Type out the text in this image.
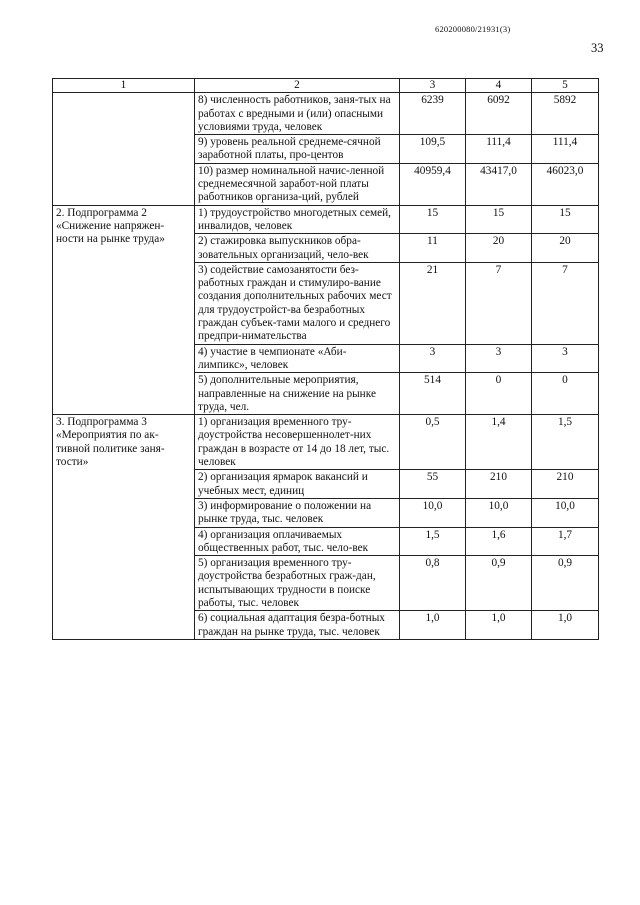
620200080/21931(3)
33
1	2	3	4	5
	8) численность работников, заня-тых на работах с вредными и (или) опасными условиями труда, человек	6239	6092	5892
	9) уровень реальной среднеме-сячной заработной платы, про-центов	109,5	111,4	111,4
	10) размер номинальной начис-ленной среднемесячной заработ-ной платы работников организа-ций, рублей	40959,4	43417,0	46023,0
2. Подпрограмма 2 «Снижение напряжен-ности на рынке труда»	1) трудоустройство многодетных семей, инвалидов, человек	15	15	15
	2) стажировка выпускников обра-зовательных организаций, чело-век	11	20	20
	3) содействие самозанятости без-работных граждан и стимулиро-вание создания дополнительных рабочих мест для трудоустройст-ва безработных граждан субъек-тами малого и среднего предпри-нимательства	21	7	7
	4) участие в чемпионате «Аби-лимпикс», человек	3	3	3
	5) дополнительные мероприятия, направленные на снижение на рынке труда, чел.	514	0	0
3. Подпрограмма 3 «Мероприятия по ак-тивной политике заня-тости»	1) организация временного тру-доустройства несовершеннолет-них граждан в возрасте от 14 до 18 лет, тыс. человек	0,5	1,4	1,5
	2) организация ярмарок вакансий и учебных мест, единиц	55	210	210
	3) информирование о положении на рынке труда, тыс. человек	10,0	10,0	10,0
	4) организация оплачиваемых общественных работ, тыс. чело-век	1,5	1,6	1,7
	5) организация временного тру-доустройства безработных граж-дан, испытывающих трудности в поиске работы, тыс. человек	0,8	0,9	0,9
	6) социальная адаптация безра-ботных граждан на рынке труда, тыс. человек	1,0	1,0	1,0
